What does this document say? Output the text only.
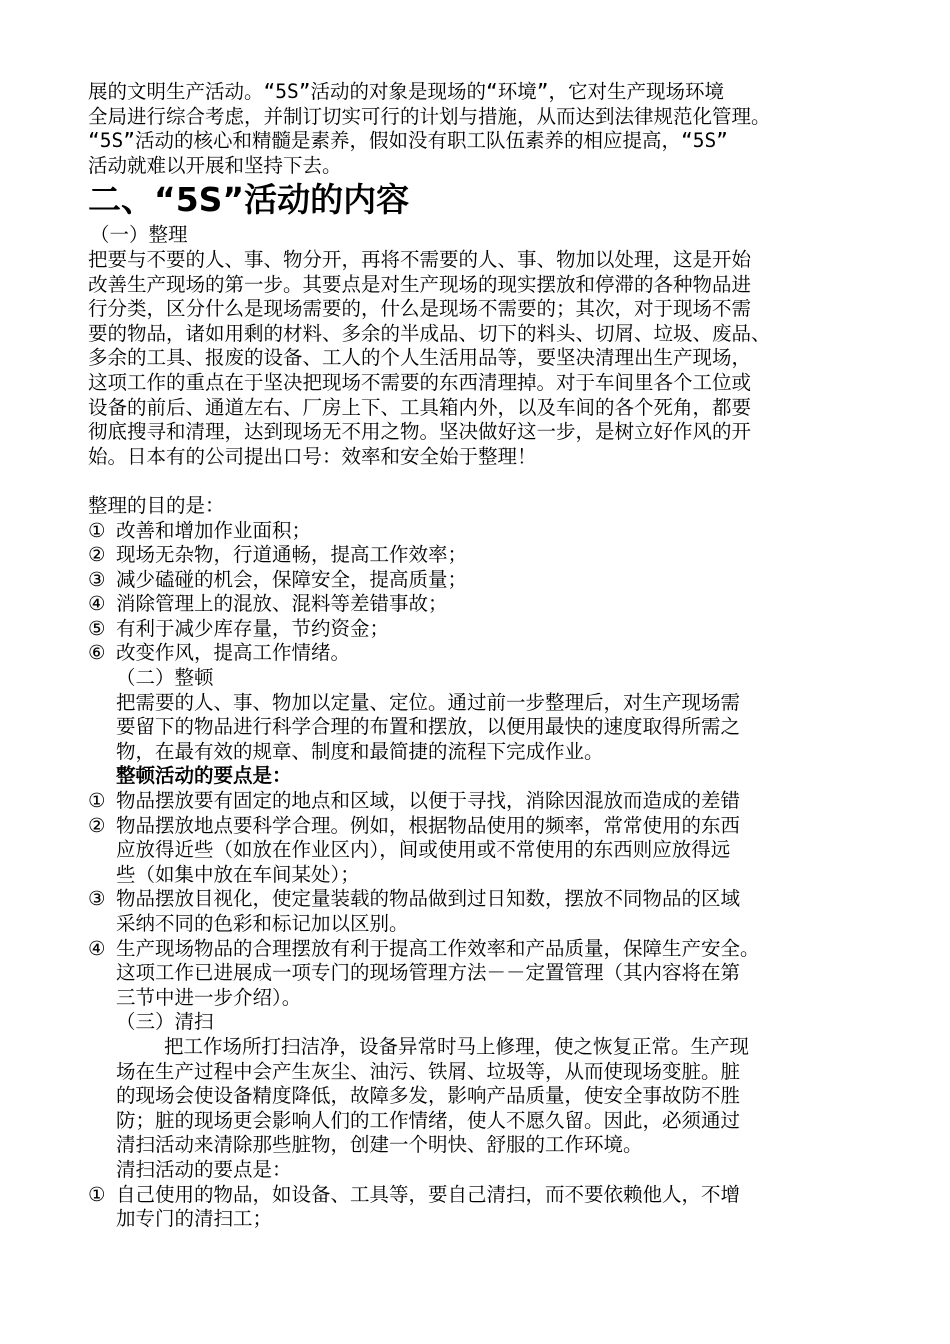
展的文明生产活动。“5S”活动的对象是现场的“环境”，它对生产现场环境

全局进行综合考虑，并制订切实可行的计划与措施，从而达到法律规范化管理。

“5S”活动的核心和精髓是素养，假如没有职工队伍素养的相应提高，“5S”

活动就难以开展和坚持下去。

二、“5S”活动的内容

（一）整理

把要与不要的人、事、物分开，再将不需要的人、事、物加以处理，这是开始

改善生产现场的第一步。其要点是对生产现场的现实摆放和停滞的各种物品进

行分类，区分什么是现场需要的，什么是现场不需要的；其次，对于现场不需

要的物品，诸如用剩的材料、多余的半成品、切下的料头、切屑、垃圾、废品、

多余的工具、报废的设备、工人的个人生活用品等，要坚决清理出生产现场，

这项工作的重点在于坚决把现场不需要的东西清理掉。对于车间里各个工位或

设备的前后、通道左右、厂房上下、工具箱内外，以及车间的各个死角，都要

彻底搜寻和清理，达到现场无不用之物。坚决做好这一步，是树立好作风的开

始。日本有的公司提出口号：效率和安全始于整理！

整理的目的是：

① 改善和增加作业面积；
② 现场无杂物，行道通畅，提高工作效率；
③ 减少磕碰的机会，保障安全，提高质量；
④ 消除管理上的混放、混料等差错事故；
⑤ 有利于减少库存量，节约资金；
⑥ 改变作风，提高工作情绪。

（二）整顿

把需要的人、事、物加以定量、定位。通过前一步整理后，对生产现场需

要留下的物品进行科学合理的布置和摆放，以便用最快的速度取得所需之

物，在最有效的规章、制度和最简捷的流程下完成作业。

整顿活动的要点是：

① 物品摆放要有固定的地点和区域，以便于寻找，消除因混放而造成的差错
② 物品摆放地点要科学合理。例如，根据物品使用的频率，常常使用的东西
应放得近些（如放在作业区内），间或使用或不常使用的东西则应放得远
些（如集中放在车间某处）；
③ 物品摆放目视化，使定量装载的物品做到过日知数，摆放不同物品的区域
采纳不同的色彩和标记加以区别。
④ 生产现场物品的合理摆放有利于提高工作效率和产品质量，保障生产安全。
这项工作已进展成一项专门的现场管理方法－－定置管理（其内容将在第
三节中进一步介绍）。

（三）清扫

把工作场所打扫洁净，设备异常时马上修理，使之恢复正常。生产现

场在生产过程中会产生灰尘、油污、铁屑、垃圾等，从而使现场变脏。脏

的现场会使设备精度降低，故障多发，影响产品质量，使安全事故防不胜

防；脏的现场更会影响人们的工作情绪，使人不愿久留。因此，必须通过

清扫活动来清除那些脏物，创建一个明快、舒服的工作环境。

清扫活动的要点是：

① 自己使用的物品，如设备、工具等，要自己清扫，而不要依赖他人，不增
加专门的清扫工；
